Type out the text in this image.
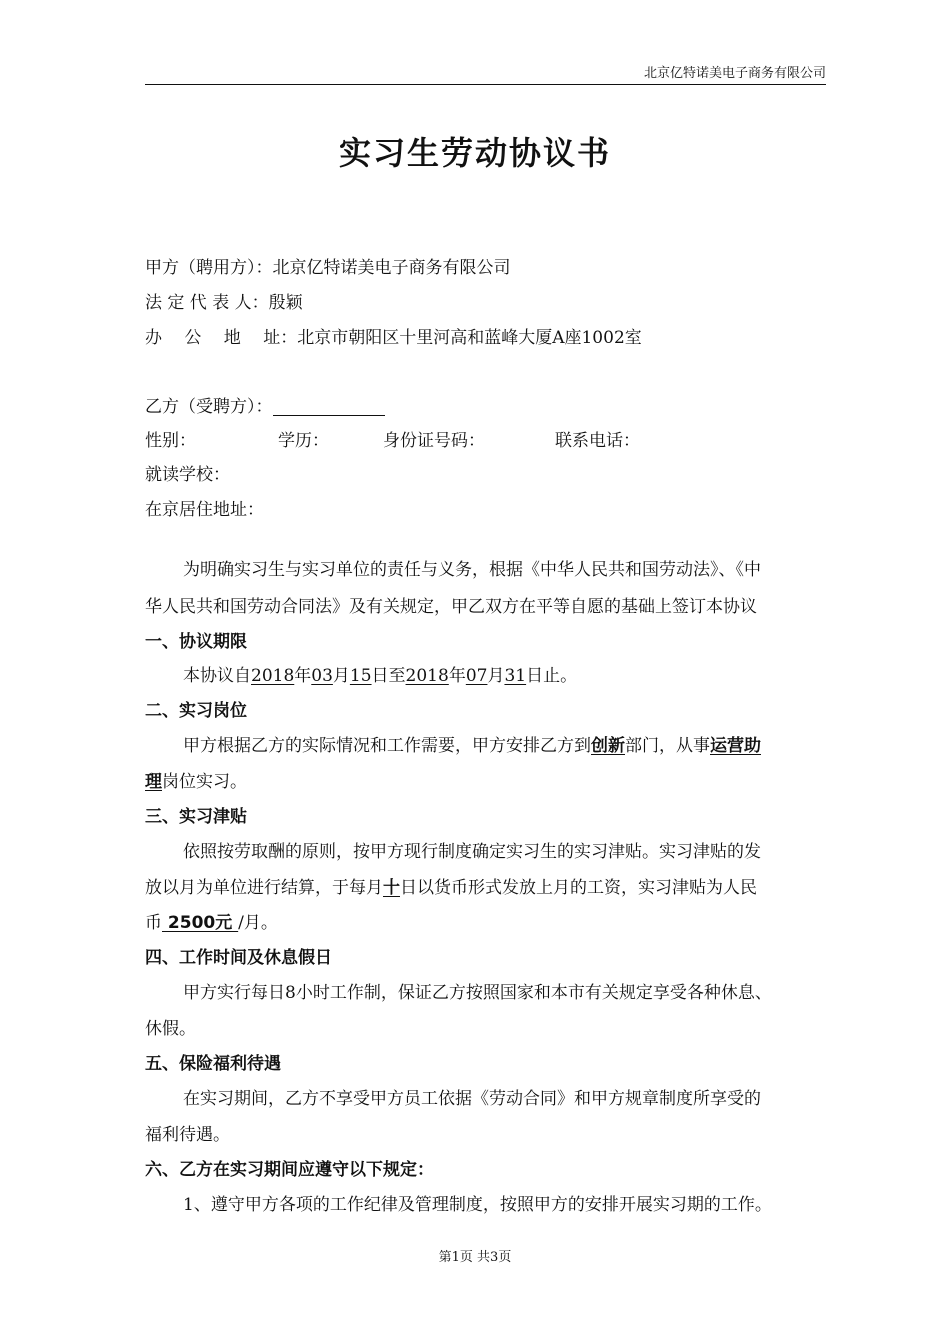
北京亿特诺美电子商务有限公司
实习生劳动协议书
甲方（聘用方）：北京亿特诺美电子商务有限公司
法 定 代 表 人：殷颖
办　 公　 地　 址：北京市朝阳区十里河高和蓝峰大厦A座1002室
乙方（受聘方）：
性别：	学历：	身份证号码：	联系电话：
就读学校：
在京居住地址：
为明确实习生与实习单位的责任与义务，根据《中华人民共和国劳动法》、《中
华人民共和国劳动合同法》及有关规定，甲乙双方在平等自愿的基础上签订本协议
一、协议期限
本协议自2018年03月15日至2018年07月31日止。
二、实习岗位
甲方根据乙方的实际情况和工作需要，甲方安排乙方到创新部门，从事运营助
理岗位实习。
三、实习津贴
依照按劳取酬的原则，按甲方现行制度确定实习生的实习津贴。实习津贴的发
放以月为单位进行结算，于每月十日以货币形式发放上月的工资，实习津贴为人民
币 2500元 /月。
四、工作时间及休息假日
甲方实行每日8小时工作制，保证乙方按照国家和本市有关规定享受各种休息、
休假。
五、保险福利待遇
在实习期间，乙方不享受甲方员工依据《劳动合同》和甲方规章制度所享受的
福利待遇。
六、乙方在实习期间应遵守以下规定：
1、遵守甲方各项的工作纪律及管理制度，按照甲方的安排开展实习期的工作。
第1页 共3页
